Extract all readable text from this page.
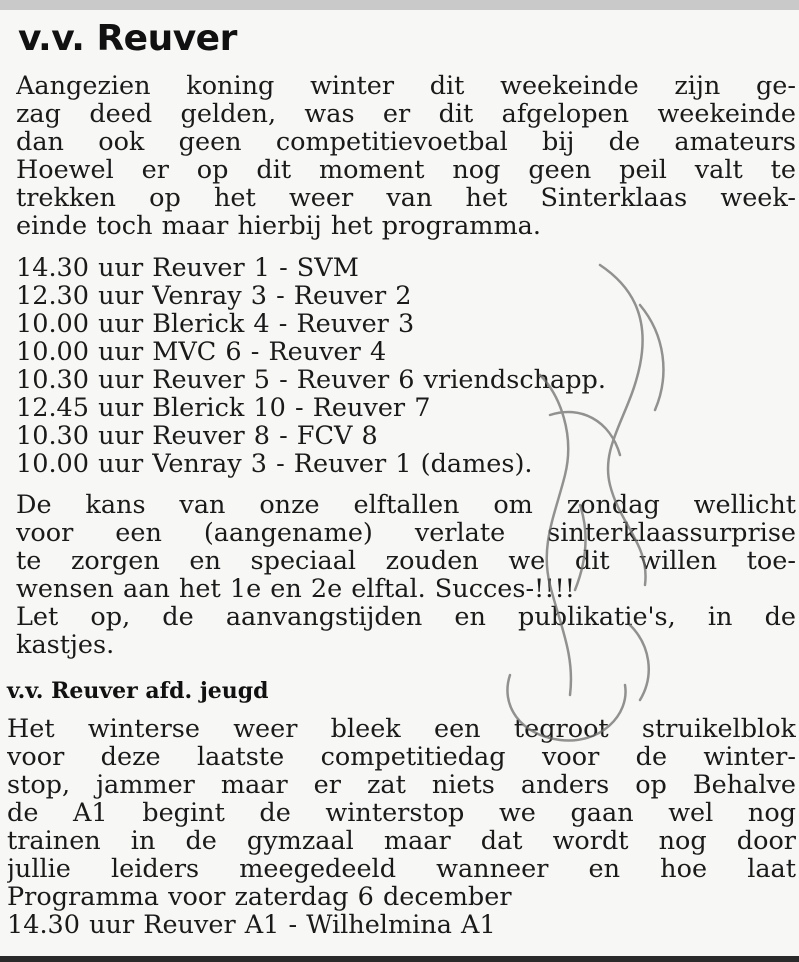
v.v. Reuver
Aangezien koning winter dit weekeinde zijn ge-
zag deed gelden, was er dit afgelopen weekeinde
dan ook geen competitievoetbal bij de amateurs
Hoewel er op dit moment nog geen peil valt te
trekken op het weer van het Sinterklaas week-
einde toch maar hierbij het programma.
14.30 uur Reuver 1 - SVM
12.30 uur Venray 3 - Reuver 2
10.00 uur Blerick 4 - Reuver 3
10.00 uur MVC 6 - Reuver 4
10.30 uur Reuver 5 - Reuver 6 vriendschapp.
12.45 uur Blerick 10 - Reuver 7
10.30 uur Reuver 8 - FCV 8
10.00 uur Venray 3 - Reuver 1 (dames).
De kans van onze elftallen om zondag wellicht
voor een (aangename) verlate sinterklaassurprise
te zorgen en speciaal zouden we dit willen toe-
wensen aan het 1e en 2e elftal. Succes-!!!!
Let op, de aanvangstijden en publikatie's, in de
kastjes.
v.v. Reuver afd. jeugd
Het winterse weer bleek een tegroot struikelblok
voor deze laatste competitiedag voor de winter-
stop, jammer maar er zat niets anders op Behalve
de A1 begint de winterstop we gaan wel nog
trainen in de gymzaal maar dat wordt nog door
jullie leiders meegedeeld wanneer en hoe laat
Programma voor zaterdag 6 december
14.30 uur Reuver A1 - Wilhelmina A1
